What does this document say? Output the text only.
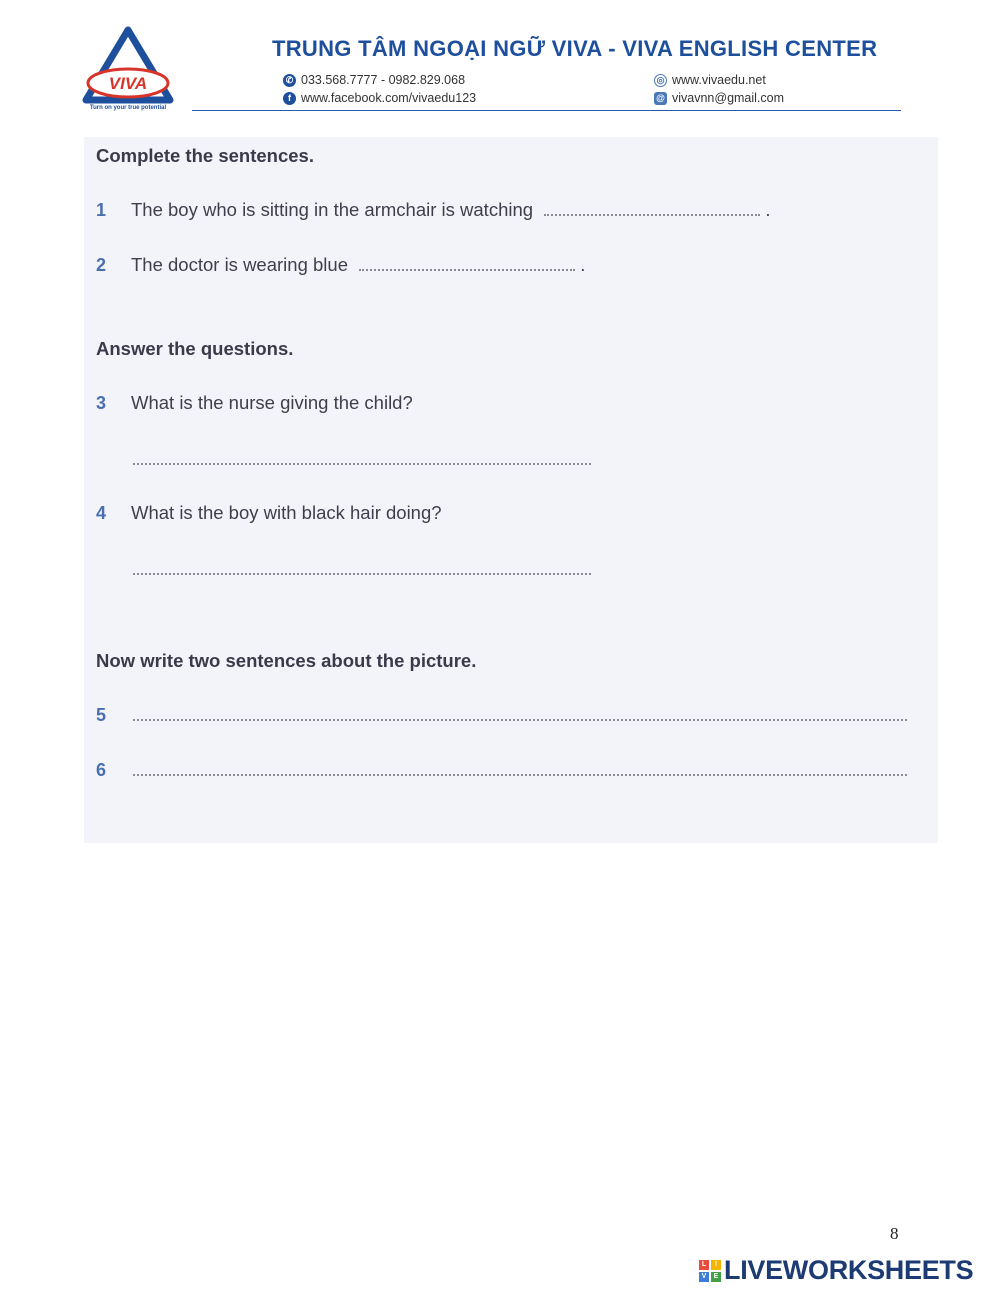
VIVA
Turn on your true potential
TRUNG TÂM NGOẠI NGỮ VIVA - VIVA ENGLISH CENTER
✆ 033.568.7777 - 0982.829.068
f www.facebook.com/vivaedu123
◎ www.vivaedu.net
@ vivavnn@gmail.com
Complete the sentences.
1 The boy who is sitting in the armchair is watching	.
2 The doctor is wearing blue	.
Answer the questions.
3 What is the nurse giving the child?
4 What is the boy with black hair doing?
Now write two sentences about the picture.
5
6
8
L	I
V	E LIVEWORKSHEETS
